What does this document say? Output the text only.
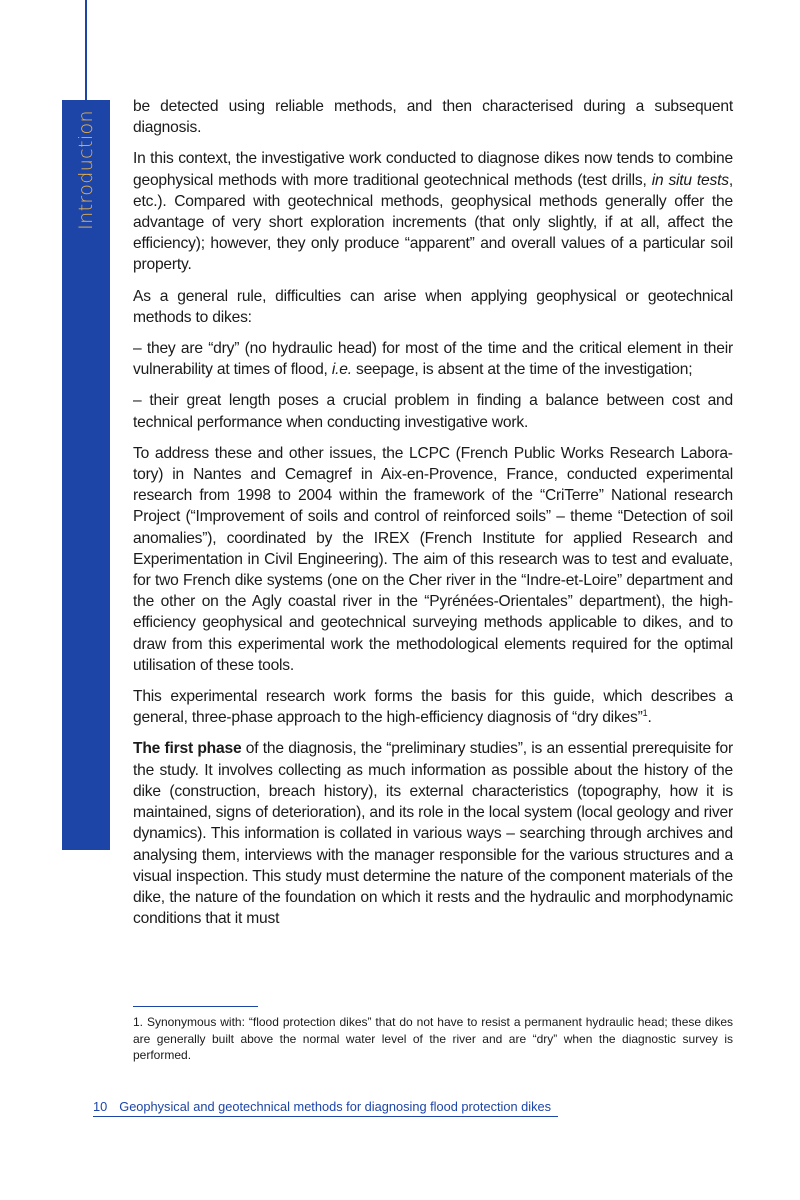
Introduction

be detected using reliable methods, and then characterised during a subsequent diagnosis.

In this context, the investigative work conducted to diagnose dikes now tends to combine geophysical methods with more traditional geotechnical methods (test drills, in situ tests, etc.). Compared with geotechnical methods, geophysical methods generally offer the advantage of very short exploration increments (that only slightly, if at all, affect the efficiency); however, they only produce “apparent” and overall values of a particular soil property.

As a general rule, difficulties can arise when applying geophysical or geotechnical methods to dikes:

– they are “dry” (no hydraulic head) for most of the time and the critical element in their vulnerability at times of flood, i.e. seepage, is absent at the time of the investigation;

– their great length poses a crucial problem in finding a balance between cost and technical performance when conducting investigative work.

To address these and other issues, the LCPC (French Public Works Research Laboratory) in Nantes and Cemagref in Aix-en-Provence, France, conducted experimental research from 1998 to 2004 within the framework of the “CriTerre” National research Project (“Improvement of soils and control of reinforced soils” – theme “Detection of soil anomalies”), coordinated by the IREX (French Institute for applied Research and Experimentation in Civil Engineering). The aim of this research was to test and evaluate, for two French dike systems (one on the Cher river in the “Indre-et-Loire” department and the other on the Agly coastal river in the “Pyrénées-Orientales” department), the high-efficiency geophysical and geotechnical surveying methods applicable to dikes, and to draw from this experimental work the methodological elements required for the optimal utilisation of these tools.

This experimental research work forms the basis for this guide, which describes a general, three-phase approach to the high-efficiency diagnosis of “dry dikes”$^1$.

The first phase of the diagnosis, the “preliminary studies”, is an essential prerequisite for the study. It involves collecting as much information as possible about the history of the dike (construction, breach history), its external characteristics (topography, how it is maintained, signs of deterioration), and its role in the local system (local geology and river dynamics). This information is collated in various ways – searching through archives and analysing them, interviews with the manager responsible for the various structures and a visual inspection. This study must determine the nature of the component materials of the dike, the nature of the foundation on which it rests and the hydraulic and morphodynamic conditions that it must

1. Synonymous with: “flood protection dikes” that do not have to resist a permanent hydraulic head; these dikes are generally built above the normal water level of the river and are “dry” when the diagnostic survey is performed.
10 Geophysical and geotechnical methods for diagnosing flood protection dikes
